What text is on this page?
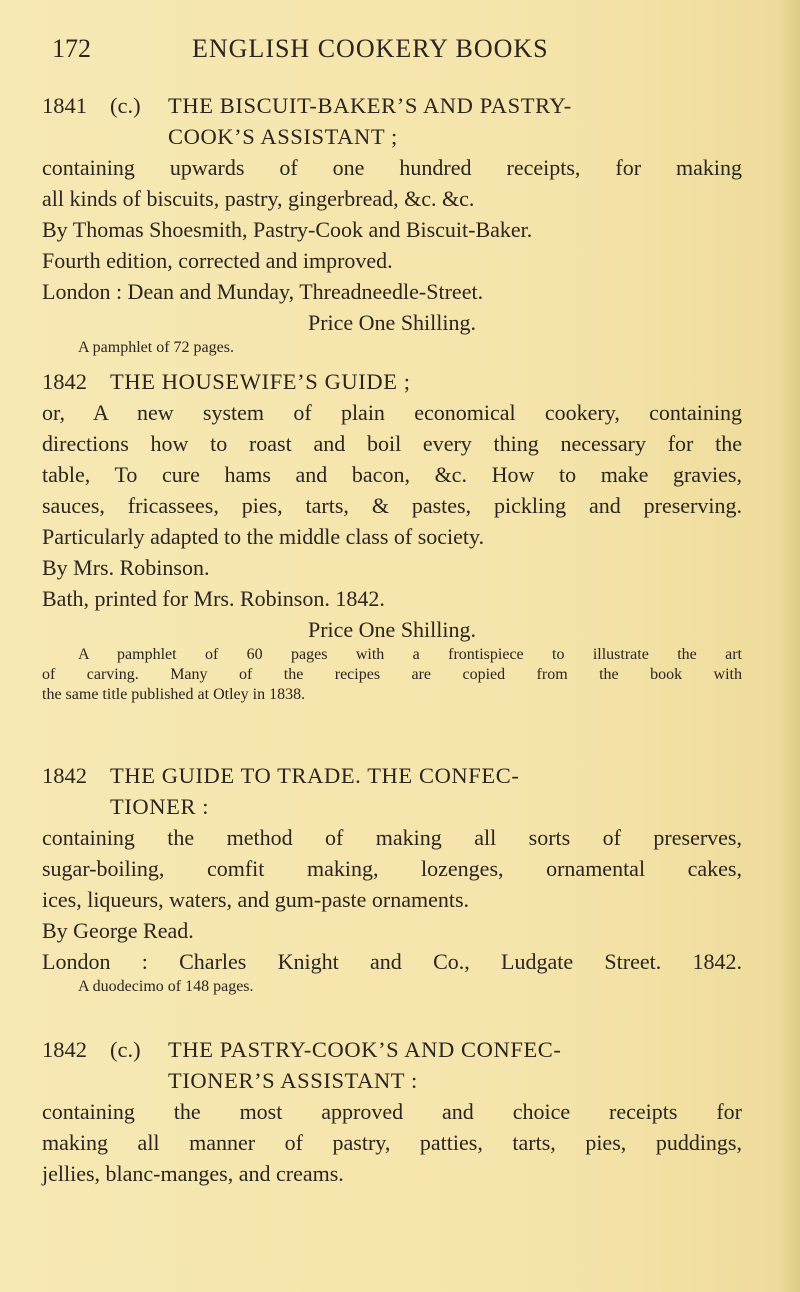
172	ENGLISH COOKERY BOOKS
1841 (c.) THE BISCUIT-BAKER’S AND PASTRY-
COOK’S ASSISTANT ;
containing upwards of one hundred receipts, for making
all kinds of biscuits, pastry, gingerbread, &c. &c.
By Thomas Shoesmith, Pastry-Cook and Biscuit-Baker.
Fourth edition, corrected and improved.
London : Dean and Munday, Threadneedle-Street.
Price One Shilling.
A pamphlet of 72 pages.
1842 THE HOUSEWIFE’S GUIDE ;
or, A new system of plain economical cookery, containing
directions how to roast and boil every thing necessary for the
table, To cure hams and bacon, &c. How to make gravies,
sauces, fricassees, pies, tarts, & pastes, pickling and preserving.
Particularly adapted to the middle class of society.
By Mrs. Robinson.
Bath, printed for Mrs. Robinson. 1842.
Price One Shilling.
A pamphlet of 60 pages with a frontispiece to illustrate the art
of carving. Many of the recipes are copied from the book with
the same title published at Otley in 1838.
1842 THE GUIDE TO TRADE. THE CONFEC-
TIONER :
containing the method of making all sorts of preserves,
sugar-boiling, comfit making, lozenges, ornamental cakes,
ices, liqueurs, waters, and gum-paste ornaments.
By George Read.
London : Charles Knight and Co., Ludgate Street. 1842.
A duodecimo of 148 pages.
1842 (c.) THE PASTRY-COOK’S AND CONFEC-
TIONER’S ASSISTANT :
containing the most approved and choice receipts for
making all manner of pastry, patties, tarts, pies, puddings,
jellies, blanc-manges, and creams.
